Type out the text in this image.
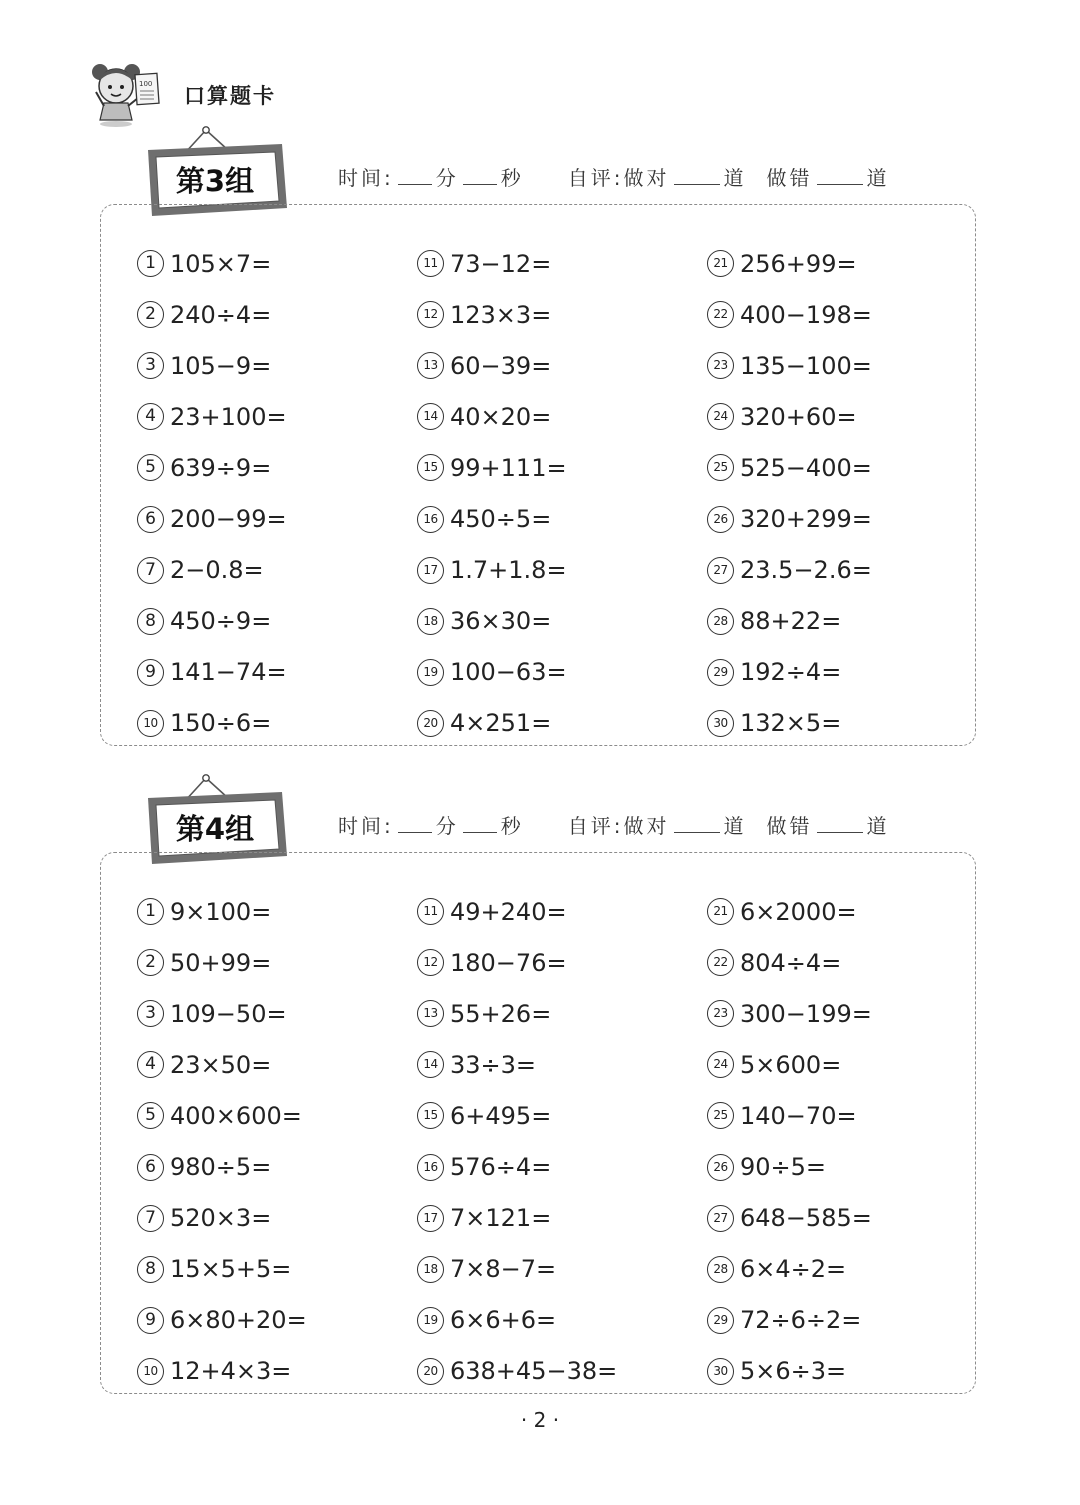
100 口算题卡
第3组	时间: 分 秒 自评:做对	道 做错	道
1 105×7=
2 240÷4=
3 105−9=
4 23+100=
5 639÷9=
6 200−99=
7 2−0.8=
8 450÷9=
9 141−74=
10 150÷6=
11 73−12=
12 123×3=
13 60−39=
14 40×20=
15 99+111=
16 450÷5=
17 1.7+1.8=
18 36×30=
19 100−63=
20 4×251=
21 256+99=
22 400−198=
23 135−100=
24 320+60=
25 525−400=
26 320+299=
27 23.5−2.6=
28 88+22=
29 192÷4=
30 132×5=
第4组	时间: 分 秒 自评:做对	道 做错	道
1 9×100=
2 50+99=
3 109−50=
4 23×50=
5 400×600=
6 980÷5=
7 520×3=
8 15×5+5=
9 6×80+20=
10 12+4×3=
11 49+240=
12 180−76=
13 55+26=
14 33÷3=
15 6+495=
16 576÷4=
17 7×121=
18 7×8−7=
19 6×6+6=
20 638+45−38=
21 6×2000=
22 804÷4=
23 300−199=
24 5×600=
25 140−70=
26 90÷5=
27 648−585=
28 6×4÷2=
29 72÷6÷2=
30 5×6÷3=
· 2 ·
